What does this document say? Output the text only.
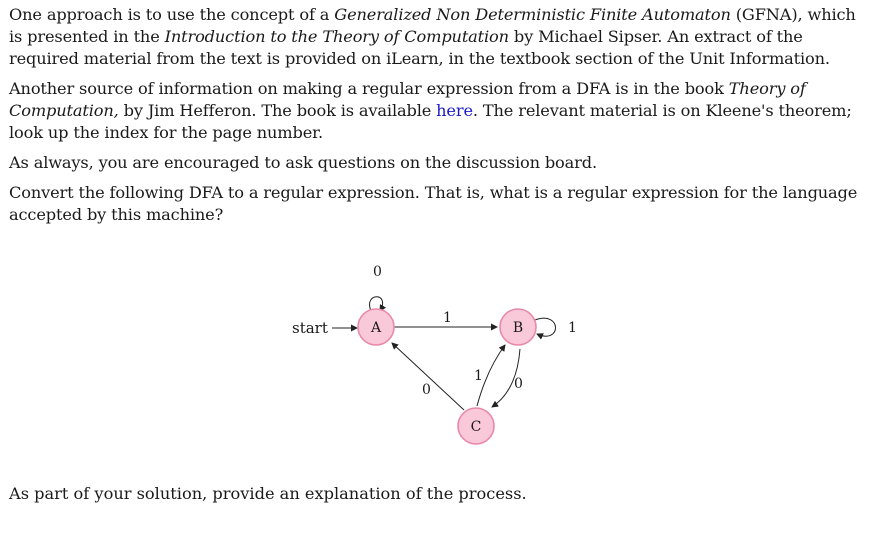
One approach is to use the concept of a Generalized Non Deterministic Finite Automaton (GFNA), which is presented in the Introduction to the Theory of Computation by Michael Sipser. An extract of the required material from the text is provided on iLearn, in the textbook section of the Unit Information.

Another source of information on making a regular expression from a DFA is in the book Theory of Computation, by Jim Hefferon. The book is available here. The relevant material is on Kleene's theorem; look up the index for the page number.

As always, you are encouraged to ask questions on the discussion board.

Convert the following DFA to a regular expression. That is, what is a regular expression for the language accepted by this machine?

start
0
1
1
0
1
0
A	B
C
As part of your solution, provide an explanation of the process.
